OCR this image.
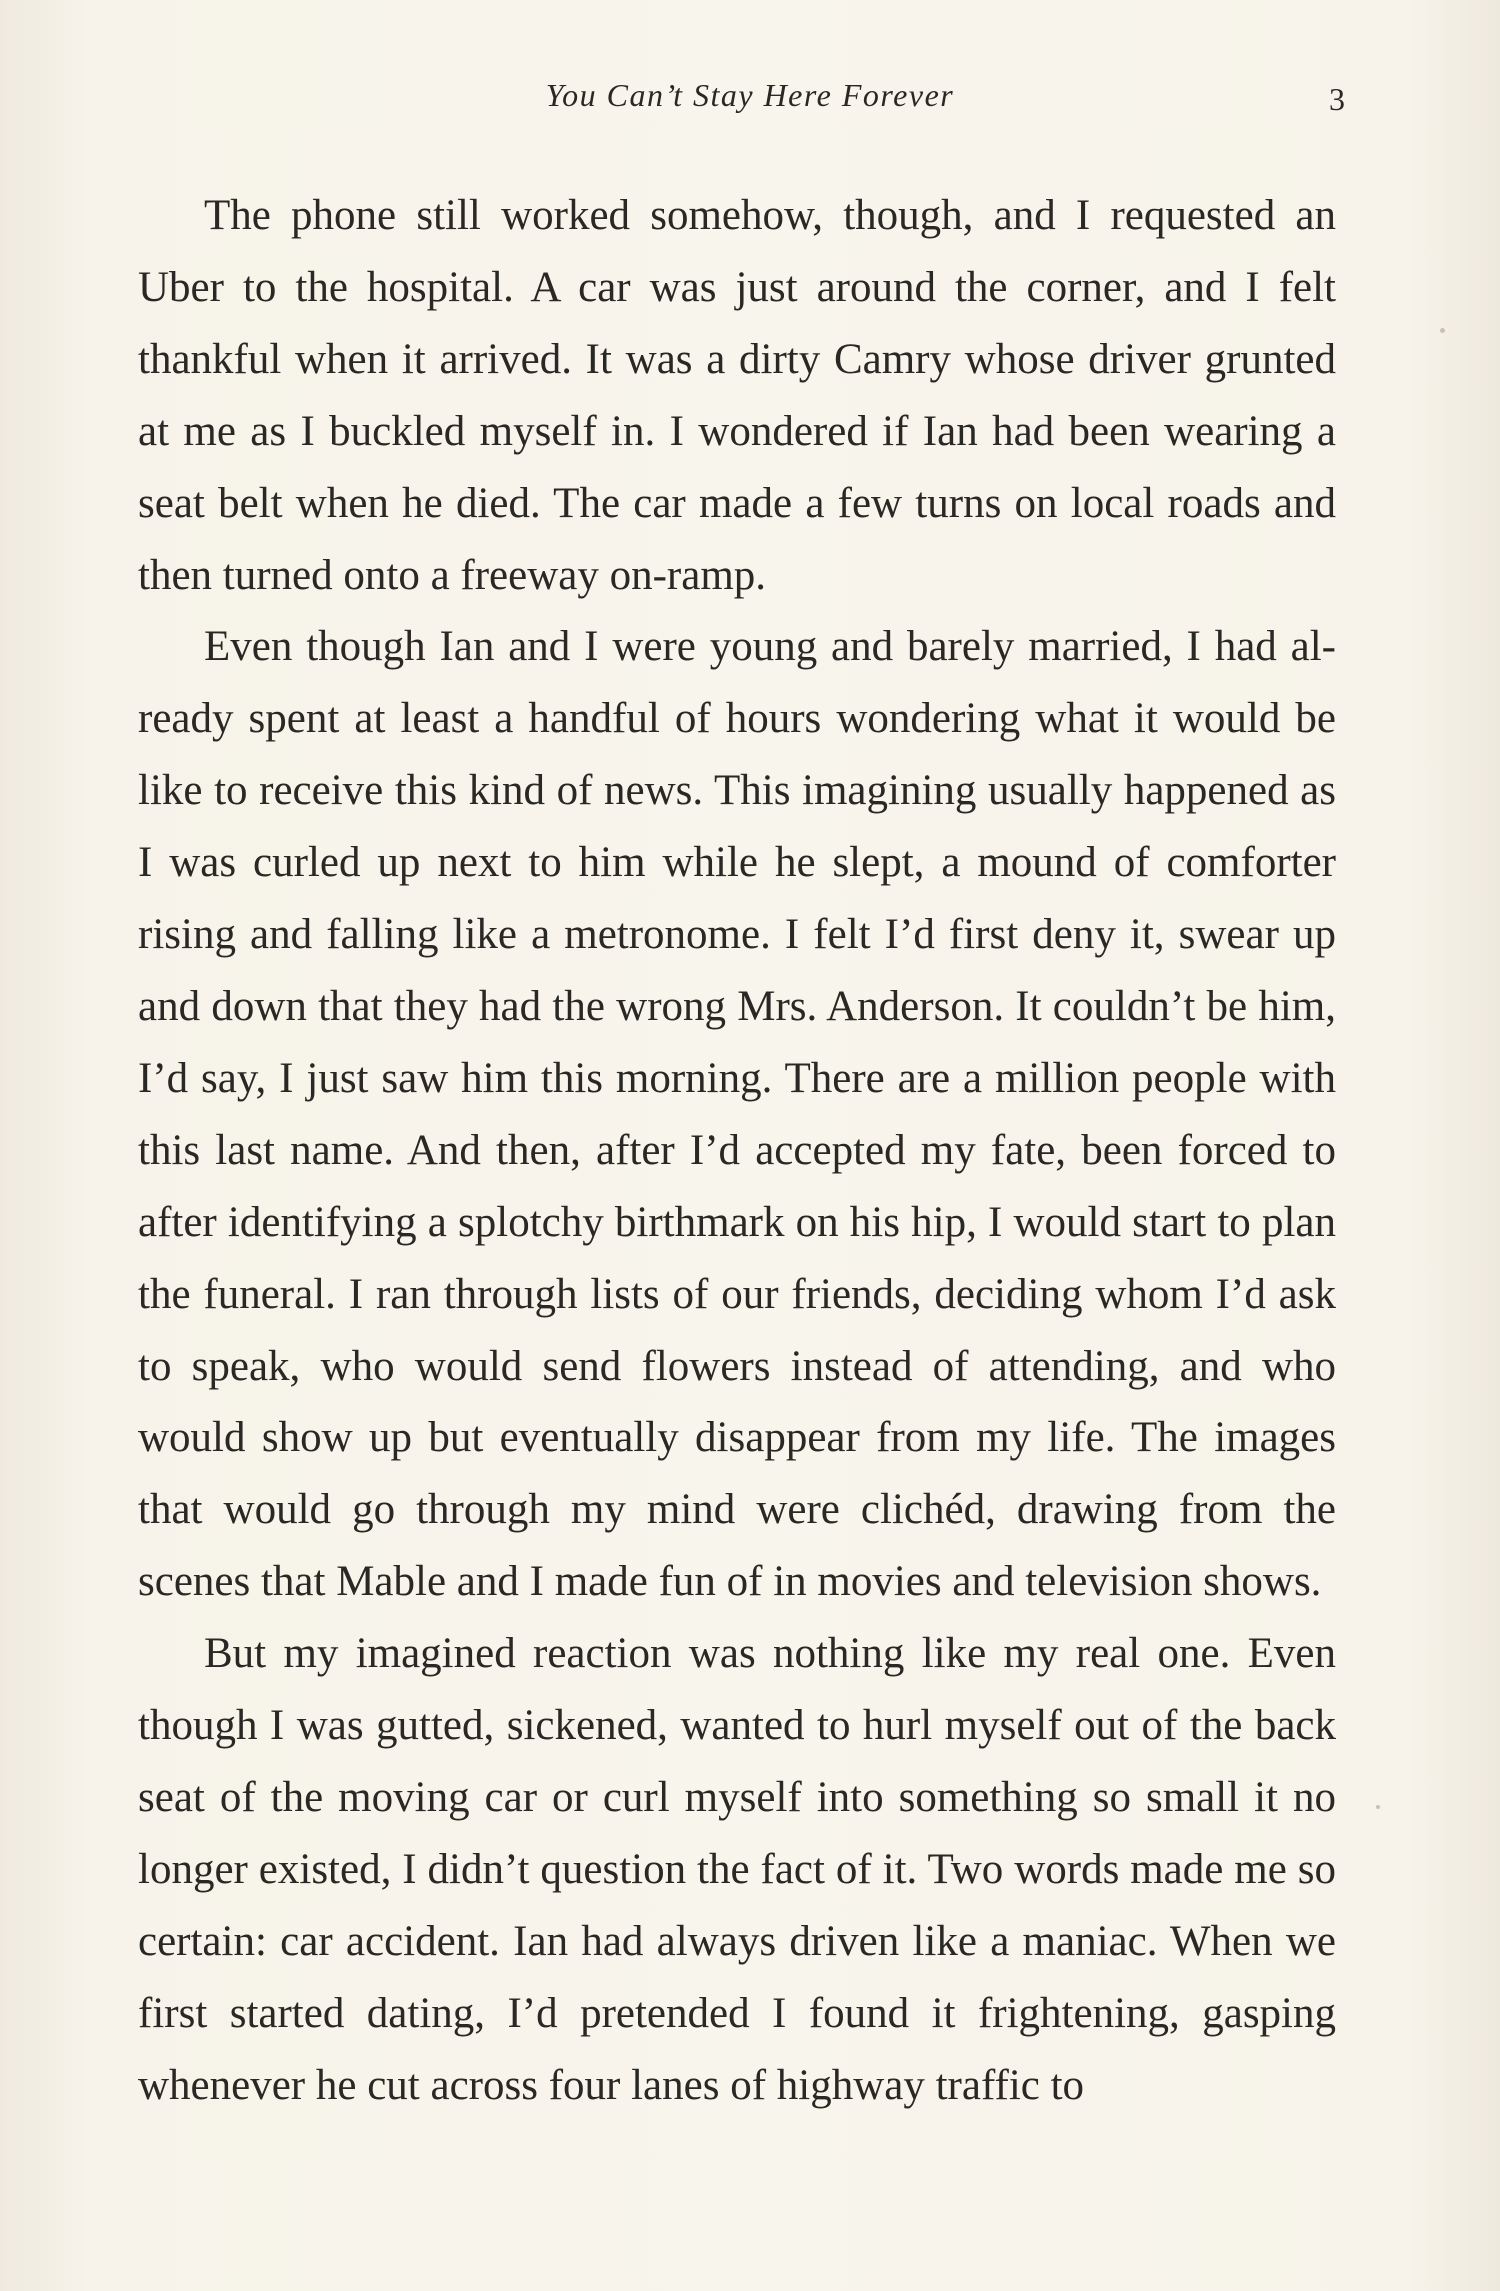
You Can’t Stay Here Forever	3

The phone still worked somehow, though, and I requested an Uber to the hospital. A car was just around the corner, and I felt thankful when it arrived. It was a dirty Camry whose driver grunted at me as I buckled myself in. I wondered if Ian had been wearing a seat belt when he died. The car made a few turns on local roads and then turned onto a freeway on-ramp.

Even though Ian and I were young and barely married, I had already spent at least a handful of hours wondering what it would be like to receive this kind of news. This imagining usually happened as I was curled up next to him while he slept, a mound of comforter rising and falling like a metronome. I felt I’d first deny it, swear up and down that they had the wrong Mrs. Anderson. It couldn’t be him, I’d say, I just saw him this morning. There are a million people with this last name. And then, after I’d accepted my fate, been forced to after identifying a splotchy birthmark on his hip, I would start to plan the funeral. I ran through lists of our friends, deciding whom I’d ask to speak, who would send flowers instead of attending, and who would show up but eventually disappear from my life. The images that would go through my mind were clichéd, drawing from the scenes that Mable and I made fun of in movies and television shows.

But my imagined reaction was nothing like my real one. Even though I was gutted, sickened, wanted to hurl myself out of the back seat of the moving car or curl myself into something so small it no longer existed, I didn’t question the fact of it. Two words made me so certain: car accident. Ian had always driven like a maniac. When we first started dating, I’d pretended I found it frightening, gasping whenever he cut across four lanes of highway traffic to
